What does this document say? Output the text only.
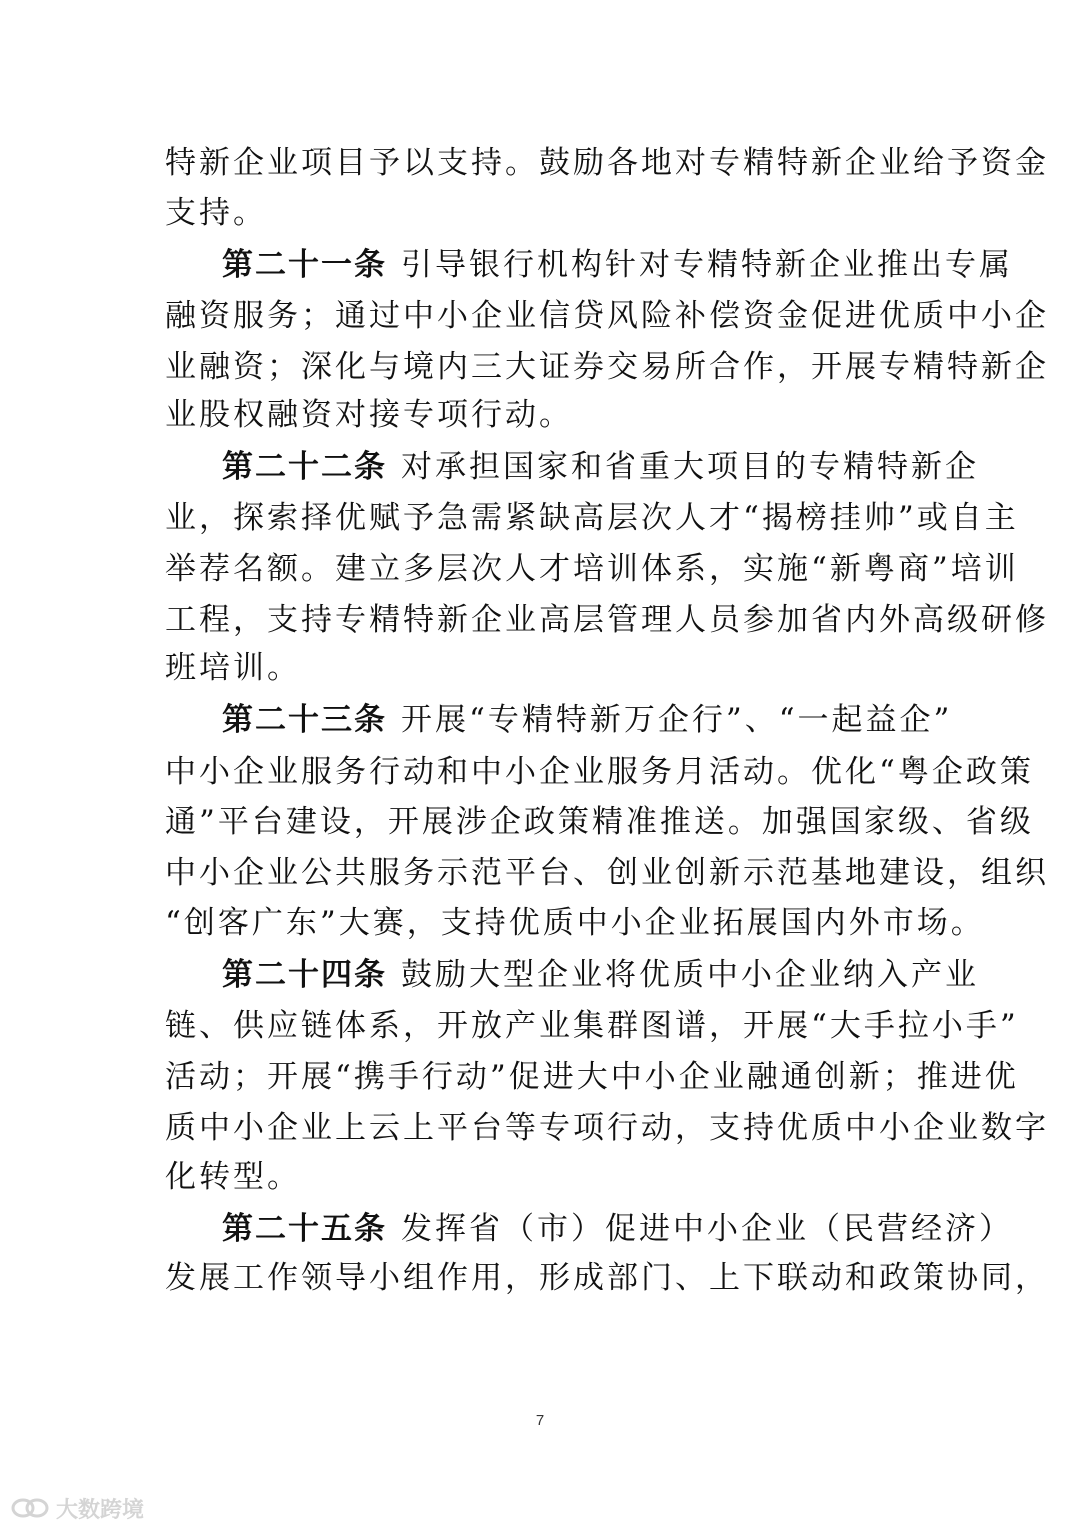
特新企业项目予以支持。鼓励各地对专精特新企业给予资金
支持。
第二十一条 引导银行机构针对专精特新企业推出专属
融资服务；通过中小企业信贷风险补偿资金促进优质中小企
业融资；深化与境内三大证券交易所合作，开展专精特新企
业股权融资对接专项行动。
第二十二条 对承担国家和省重大项目的专精特新企
业，探索择优赋予急需紧缺高层次人才“揭榜挂帅”或自主
举荐名额。建立多层次人才培训体系，实施“新粤商”培训
工程，支持专精特新企业高层管理人员参加省内外高级研修
班培训。
第二十三条 开展“专精特新万企行”、“一起益企”
中小企业服务行动和中小企业服务月活动。优化“粤企政策
通”平台建设，开展涉企政策精准推送。加强国家级、省级
中小企业公共服务示范平台、创业创新示范基地建设，组织
“创客广东”大赛，支持优质中小企业拓展国内外市场。
第二十四条 鼓励大型企业将优质中小企业纳入产业
链、供应链体系，开放产业集群图谱，开展“大手拉小手”
活动；开展“携手行动”促进大中小企业融通创新；推进优
质中小企业上云上平台等专项行动，支持优质中小企业数字
化转型。
第二十五条 发挥省（市）促进中小企业（民营经济）
发展工作领导小组作用，形成部门、上下联动和政策协同，
7
大数跨境
